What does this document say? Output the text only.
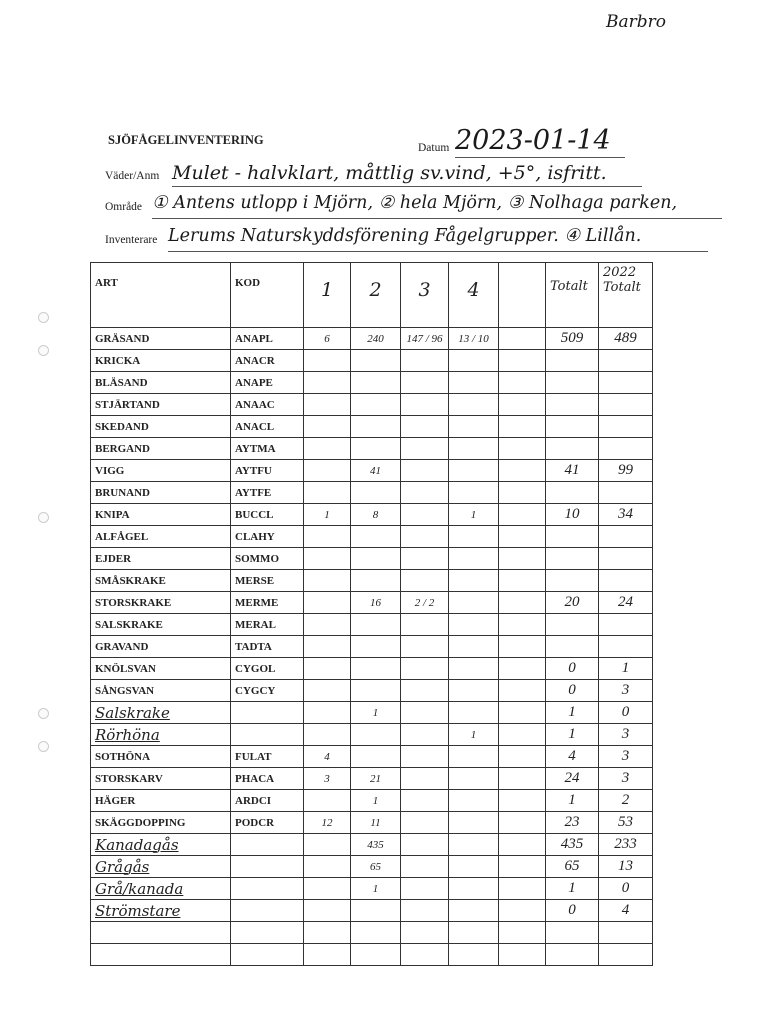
Barbro
SJÖFÅGELINVENTERING
Datum 2023-01-14
Väder/Anm Mulet - halvklart, måttlig sv.vind, +5°, isfritt.
Område ① Antens utlopp i Mjörn, ② hela Mjörn, ③ Nolhaga parken,
Inventerare Lerums Naturskyddsförening Fågelgrupper. ④ Lillån.
ART	KOD	1	2	3	4		Totalt	2022
Totalt

GRÄSAND	ANAPL	6	240	147 / 96	13 / 10		509	489
KRICKA	ANACR							
BLÄSAND	ANAPE							
STJÄRTAND	ANAAC							
SKEDAND	ANACL							
BERGAND	AYTMA							
VIGG	AYTFU		41				41	99
BRUNAND	AYTFE							
KNIPA	BUCCL	1	8		1		10	34
ALFÅGEL	CLAHY							
EJDER	SOMMO							
SMÅSKRAKE	MERSE							
STORSKRAKE	MERME		16	2 / 2			20	24
SALSKRAKE	MERAL							
GRAVAND	TADTA							
KNÖLSVAN	CYGOL						0	1
SÅNGSVAN	CYGCY						0	3
Salskrake			1				1	0
Rörhöna					1		1	3
SOTHÖNA	FULAT	4					4	3
STORSKARV	PHACA	3	21				24	3
HÄGER	ARDCI		1				1	2
SKÄGGDOPPING	PODCR	12	11				23	53
Kanadagås			435				435	233
Grågås			65				65	13
Grå/kanada			1				1	0
Strömstare							0	4
